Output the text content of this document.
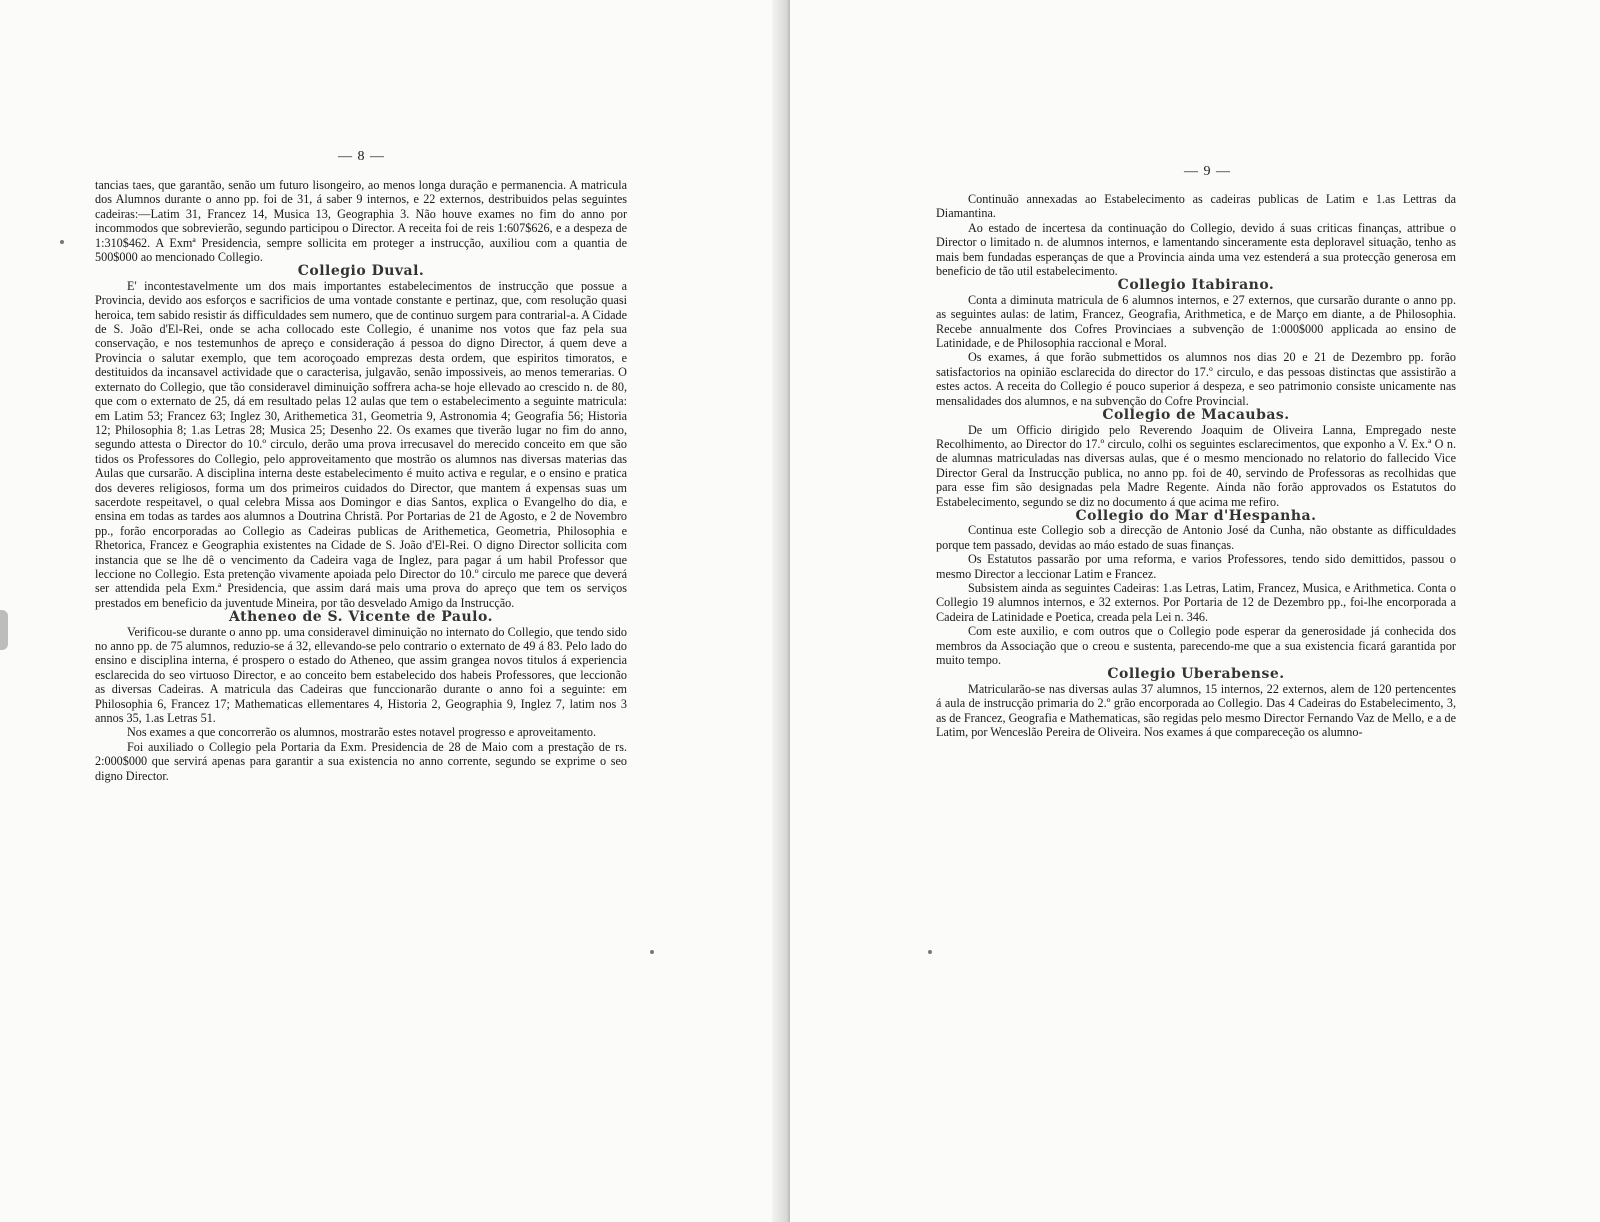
— 8 —

tancias taes, que garantão, senão um futuro lisongeiro, ao menos longa duração e permanencia. A matricula dos Alumnos durante o anno pp. foi de 31, á saber 9 internos, e 22 externos, destribuidos pelas seguintes cadeiras:—Latim 31, Francez 14, Musica 13, Geographia 3. Não houve exames no fim do anno por incommodos que sobrevierão, segundo participou o Director. A receita foi de reis 1:607$626, e a despeza de 1:310$462. A Exmª Presidencia, sempre sollicita em proteger a instrucção, auxiliou com a quantia de 500$000 ao mencionado Collegio.

Collegio Duval.

E' incontestavelmente um dos mais importantes estabelecimentos de instrucção que possue a Provincia, devido aos esforços e sacrificios de uma vontade constante e pertinaz, que, com resolução quasi heroica, tem sabido resistir ás difficuldades sem numero, que de continuo surgem para contrarial-a. A Cidade de S. João d'El-Rei, onde se acha collocado este Collegio, é unanime nos votos que faz pela sua conservação, e nos testemunhos de apreço e consideração á pessoa do digno Director, á quem deve a Provincia o salutar exemplo, que tem acoroçoado emprezas desta ordem, que espiritos timoratos, e destituidos da incansavel actividade que o caracterisa, julgavão, senão impossiveis, ao menos temerarias. O externato do Collegio, que tão consideravel diminuição soffrera acha-se hoje ellevado ao crescido n. de 80, que com o externato de 25, dá em resultado pelas 12 aulas que tem o estabelecimento a seguinte matricula: em Latim 53; Francez 63; Inglez 30, Arithemetica 31, Geometria 9, Astronomia 4; Geografia 56; Historia 12; Philosophia 8; 1.as Letras 28; Musica 25; Desenho 22. Os exames que tiverão lugar no fim do anno, segundo attesta o Director do 10.º circulo, derão uma prova irrecusavel do merecido conceito em que são tidos os Professores do Collegio, pelo approveitamento que mostrão os alumnos nas diversas materias das Aulas que cursarão. A disciplina interna deste estabelecimento é muito activa e regular, e o ensino e pratica dos deveres religiosos, forma um dos primeiros cuidados do Director, que mantem á expensas suas um sacerdote respeitavel, o qual celebra Missa aos Domingor e dias Santos, explica o Evangelho do dia, e ensina em todas as tardes aos alumnos a Doutrina Christã. Por Portarias de 21 de Agosto, e 2 de Novembro pp., forão encorporadas ao Collegio as Cadeiras publicas de Arithemetica, Geometria, Philosophia e Rhetorica, Francez e Geographia existentes na Cidade de S. João d'El-Rei. O digno Director sollicita com instancia que se lhe dê o vencimento da Cadeira vaga de Inglez, para pagar á um habil Professor que leccione no Collegio. Esta pretenção vivamente apoiada pelo Director do 10.º circulo me parece que deverá ser attendida pela Exm.ª Presidencia, que assim dará mais uma prova do apreço que tem os serviços prestados em beneficio da juventude Mineira, por tão desvelado Amigo da Instrucção.

Atheneo de S. Vicente de Paulo.

Verificou-se durante o anno pp. uma consideravel diminuição no internato do Collegio, que tendo sido no anno pp. de 75 alumnos, reduzio-se á 32, ellevando-se pelo contrario o externato de 49 á 83. Pelo lado do ensino e disciplina interna, é prospero o estado do Atheneo, que assim grangea novos titulos á experiencia esclarecida do seo virtuoso Director, e ao conceito bem estabelecido dos habeis Professores, que leccionão as diversas Cadeiras. A matricula das Cadeiras que funccionarão durante o anno foi a seguinte: em Philosophia 6, Francez 17; Mathematicas ellementares 4, Historia 2, Geographia 9, Inglez 7, latim nos 3 annos 35, 1.as Letras 51.

Nos exames a que concorrerão os alumnos, mostrarão estes notavel progresso e aproveitamento.

Foi auxiliado o Collegio pela Portaria da Exm. Presidencia de 28 de Maio com a prestação de rs. 2:000$000 que servirá apenas para garantir a sua existencia no anno corrente, segundo se exprime o seo digno Director.

— 9 —

Continuão annexadas ao Estabelecimento as cadeiras publicas de Latim e 1.as Lettras da Diamantina.

Ao estado de incertesa da continuação do Collegio, devido á suas criticas finanças, attribue o Director o limitado n. de alumnos internos, e lamentando sinceramente esta deploravel situação, tenho as mais bem fundadas esperanças de que a Provincia ainda uma vez estenderá a sua protecção generosa em beneficio de tão util estabelecimento.

Collegio Itabirano.

Conta a diminuta matricula de 6 alumnos internos, e 27 externos, que cursarão durante o anno pp. as seguintes aulas: de latim, Francez, Geografia, Arithmetica, e de Março em diante, a de Philosophia. Recebe annualmente dos Cofres Provinciaes a subvenção de 1:000$000 applicada ao ensino de Latinidade, e de Philosophia raccional e Moral.

Os exames, á que forão submettidos os alumnos nos dias 20 e 21 de Dezembro pp. forão satisfactorios na opinião esclarecida do director do 17.º circulo, e das pessoas distinctas que assistirão a estes actos. A receita do Collegio é pouco superior á despeza, e seo patrimonio consiste unicamente nas mensalidades dos alumnos, e na subvenção do Cofre Provincial.

Collegio de Macaubas.

De um Officio dirigido pelo Reverendo Joaquim de Oliveira Lanna, Empregado neste Recolhimento, ao Director do 17.º circulo, colhi os seguintes esclarecimentos, que exponho a V. Ex.ª O n. de alumnas matriculadas nas diversas aulas, que é o mesmo mencionado no relatorio do fallecido Vice Director Geral da Instrucção publica, no anno pp. foi de 40, servindo de Professoras as recolhidas que para esse fim são designadas pela Madre Regente. Ainda não forão approvados os Estatutos do Estabelecimento, segundo se diz no documento á que acima me refiro.

Collegio do Mar d'Hespanha.

Continua este Collegio sob a direcção de Antonio José da Cunha, não obstante as difficuldades porque tem passado, devidas ao máo estado de suas finanças.

Os Estatutos passarão por uma reforma, e varios Professores, tendo sido demittidos, passou o mesmo Director a leccionar Latim e Francez.

Subsistem ainda as seguintes Cadeiras: 1.as Letras, Latim, Francez, Musica, e Arithmetica. Conta o Collegio 19 alumnos internos, e 32 externos. Por Portaria de 12 de Dezembro pp., foi-lhe encorporada a Cadeira de Latinidade e Poetica, creada pela Lei n. 346.

Com este auxilio, e com outros que o Collegio pode esperar da generosidade já conhecida dos membros da Associação que o creou e sustenta, parecendo-me que a sua existencia ficará garantida por muito tempo.

Collegio Uberabense.

Matricularão-se nas diversas aulas 37 alumnos, 15 internos, 22 externos, alem de 120 pertencentes á aula de instrucção primaria do 2.º grão encorporada ao Collegio. Das 4 Cadeiras do Estabelecimento, 3, as de Francez, Geografia e Mathematicas, são regidas pelo mesmo Director Fernando Vaz de Mello, e a de Latim, por Wenceslão Pereira de Oliveira. Nos exames á que compareceção os alumno-
